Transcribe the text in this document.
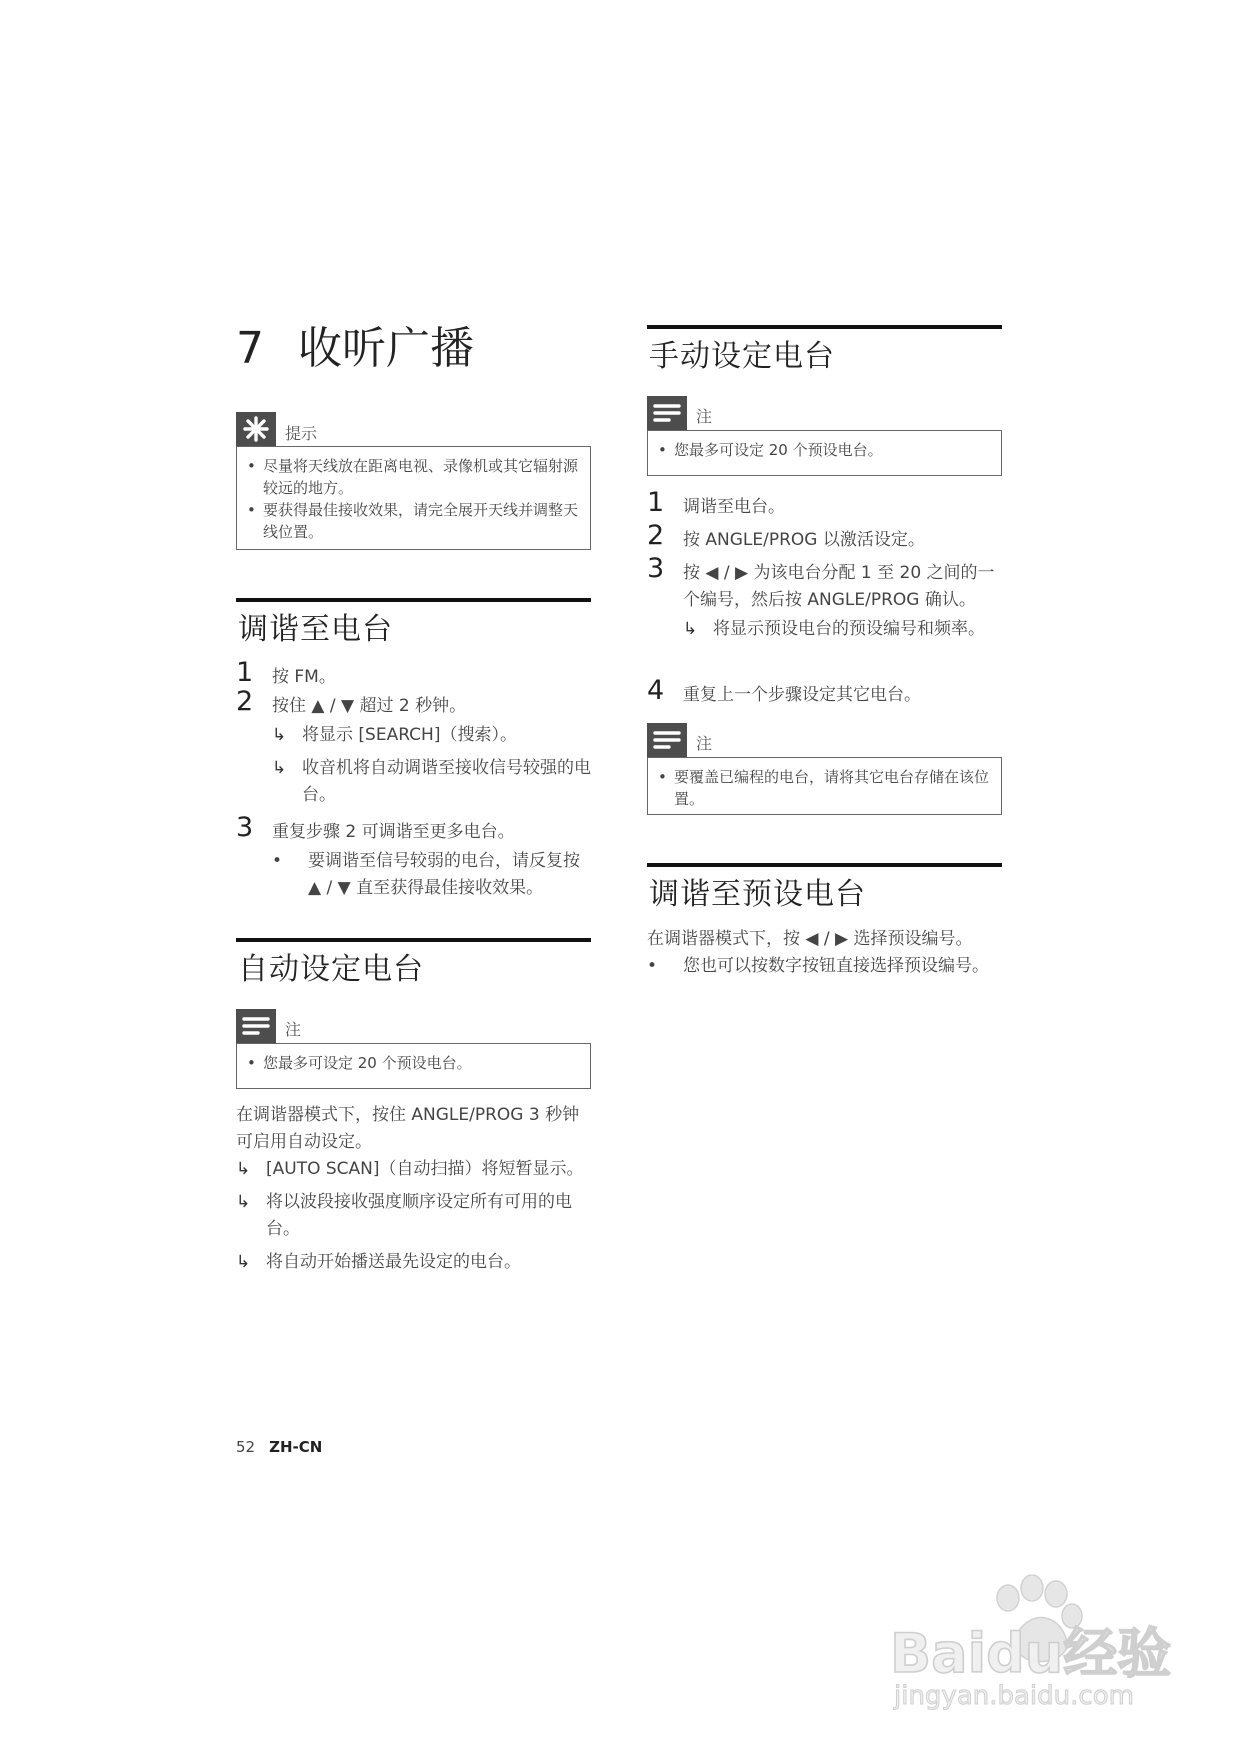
7 收听广播
提示
• 尽量将天线放在距离电视、录像机或其它辐射源较远的地方。
• 要获得最佳接收效果，请完全展开天线并调整天线位置。
调谐至电台
1 按 FM。
2 按住 ▲ / ▼ 超过 2 秒钟。
↳ 将显示 [SEARCH]（搜索）。
↳ 收音机将自动调谐至接收信号较强的电台。
3 重复步骤 2 可调谐至更多电台。
• 要调谐至信号较弱的电台，请反复按 ▲ / ▼ 直至获得最佳接收效果。
自动设定电台
注
• 您最多可设定 20 个预设电台。
在调谐器模式下，按住 ANGLE/PROG 3 秒钟可启用自动设定。
↳ [AUTO SCAN]（自动扫描）将短暂显示。
↳ 将以波段接收强度顺序设定所有可用的电台。
↳ 将自动开始播送最先设定的电台。
手动设定电台
注
• 您最多可设定 20 个预设电台。
1 调谐至电台。
2 按 ANGLE/PROG 以激活设定。
3 按 ◀ / ▶ 为该电台分配 1 至 20 之间的一个编号，然后按 ANGLE/PROG 确认。
↳ 将显示预设电台的预设编号和频率。
4 重复上一个步骤设定其它电台。
注
• 要覆盖已编程的电台，请将其它电台存储在该位置。
调谐至预设电台
在调谐器模式下，按 ◀ / ▶ 选择预设编号。
• 您也可以按数字按钮直接选择预设编号。
52 ZH-CN
Baidu经验
jingyan.baidu.com
